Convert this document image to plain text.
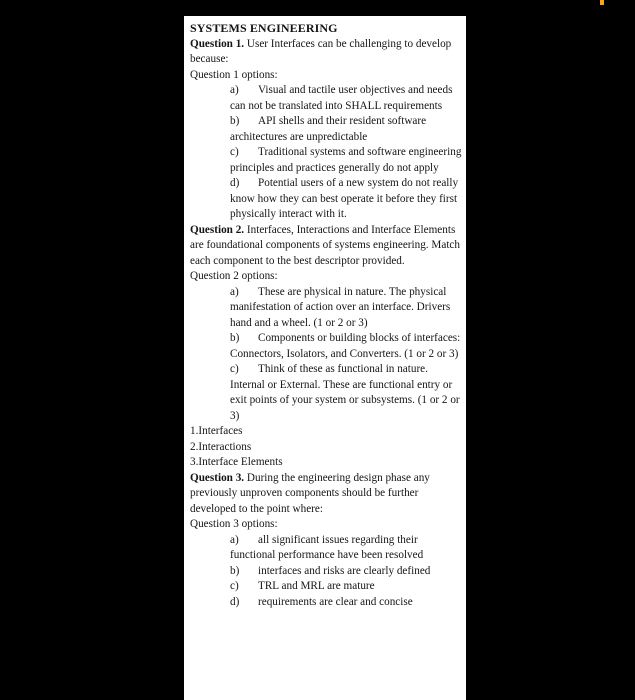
SYSTEMS ENGINEERING
Question 1. User Interfaces can be challenging to develop because:
Question 1 options:
a) Visual and tactile user objectives and needs can not be translated into SHALL requirements
b) API shells and their resident software architectures are unpredictable
c) Traditional systems and software engineering principles and practices generally do not apply
d) Potential users of a new system do not really know how they can best operate it before they first physically interact with it.
Question 2. Interfaces, Interactions and Interface Elements are foundational components of systems engineering. Match each component to the best descriptor provided.
Question 2 options:
a) These are physical in nature. The physical manifestation of action over an interface. Drivers hand and a wheel. (1 or 2 or 3)
b) Components or building blocks of interfaces: Connectors, Isolators, and Converters. (1 or 2 or 3)
c) Think of these as functional in nature. Internal or External. These are functional entry or exit points of your system or subsystems. (1 or 2 or 3)
1.Interfaces
2.Interactions
3.Interface Elements
Question 3. During the engineering design phase any previously unproven components should be further developed to the point where:
Question 3 options:
a) all significant issues regarding their functional performance have been resolved
b) interfaces and risks are clearly defined
c) TRL and MRL are mature
d) requirements are clear and concise
